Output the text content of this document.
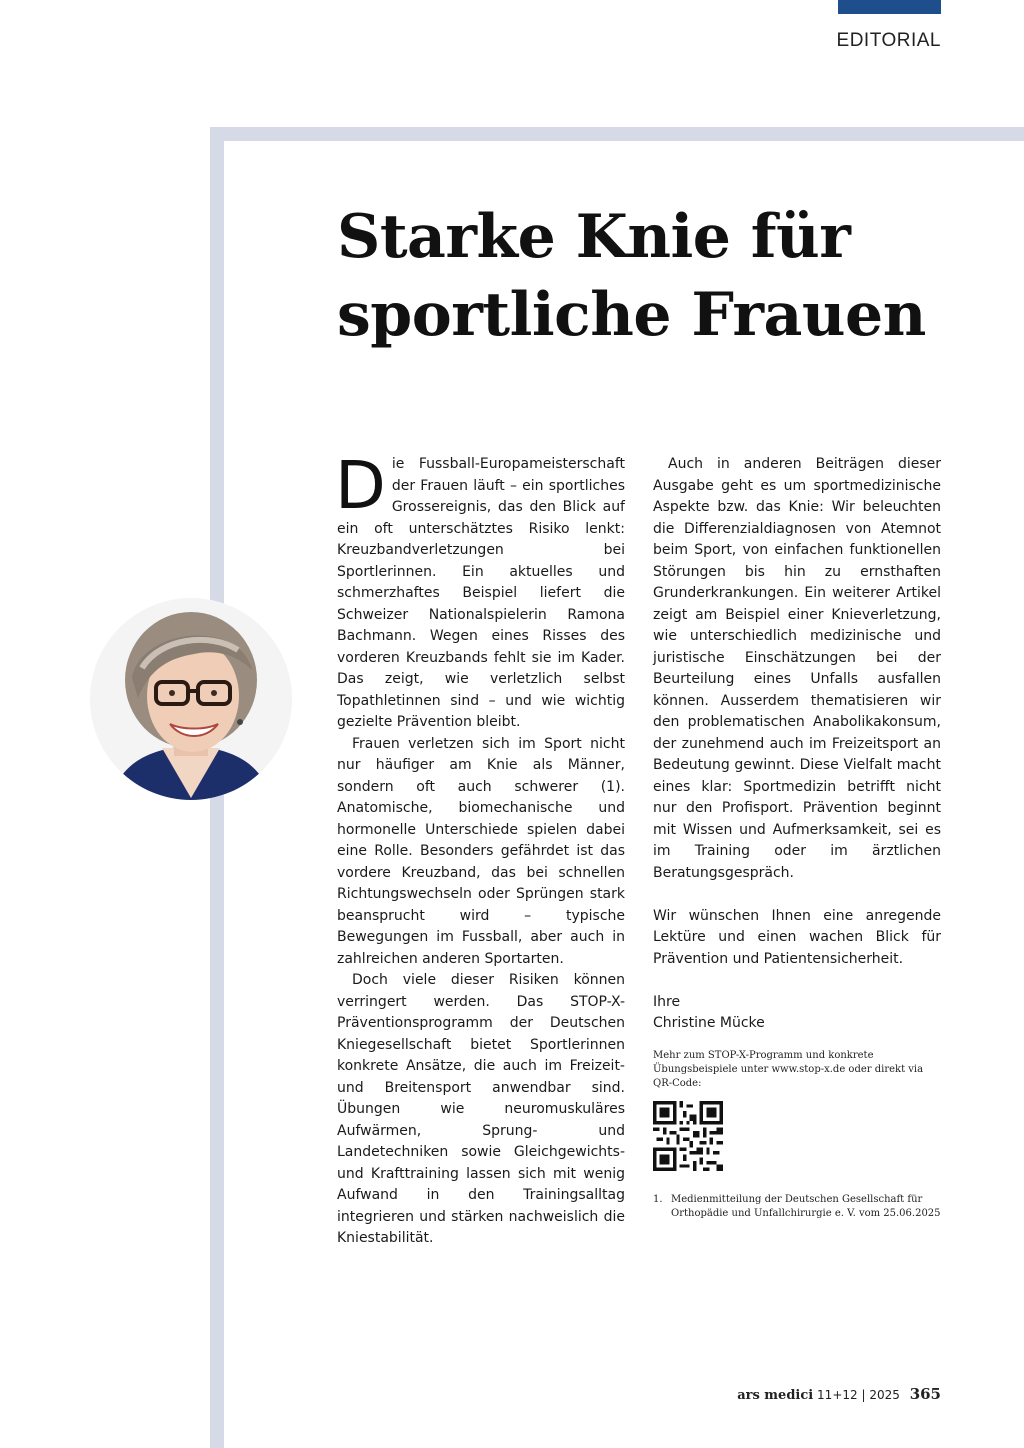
EDITORIAL
Starke Knie für
sportliche Frauen

Die Fussball-Europameisterschaft der Frauen läuft – ein sportliches Grossereignis, das den Blick auf ein oft unterschätztes Risiko lenkt: Kreuzbandverletzungen bei Sportlerinnen. Ein aktuelles und schmerzhaftes Beispiel liefert die Schweizer Nationalspielerin Ramona Bachmann. Wegen eines Risses des vorderen Kreuzbands fehlt sie im Kader. Das zeigt, wie verletzlich selbst Topathletinnen sind – und wie wichtig gezielte Prävention bleibt.

Frauen verletzen sich im Sport nicht nur häufiger am Knie als Männer, sondern oft auch schwerer (1). Anatomische, biomechanische und hormonelle Unterschiede spielen dabei eine Rolle. Besonders gefährdet ist das vordere Kreuzband, das bei schnellen Richtungswechseln oder Sprüngen stark beansprucht wird – typische Bewegungen im Fussball, aber auch in zahlreichen anderen Sportarten.

Doch viele dieser Risiken können verringert werden. Das STOP-X-Präventionsprogramm der Deutschen Kniegesellschaft bietet Sportlerinnen konkrete Ansätze, die auch im Freizeit- und Breitensport anwendbar sind. Übungen wie neuromuskuläres Aufwärmen, Sprung- und Landetechniken sowie Gleichgewichts- und Krafttraining lassen sich mit wenig Aufwand in den Trainingsalltag integrieren und stärken nachweislich die Kniestabilität.

Auch in anderen Beiträgen dieser Ausgabe geht es um sportmedizinische Aspekte bzw. das Knie: Wir beleuchten die Differenzialdiagnosen von Atemnot beim Sport, von einfachen funktionellen Störungen bis hin zu ernsthaften Grunderkrankungen. Ein weiterer Artikel zeigt am Beispiel einer Knieverletzung, wie unterschiedlich medizinische und juristische Einschätzungen bei der Beurteilung eines Unfalls ausfallen können. Ausserdem thematisieren wir den problematischen Anabolikakonsum, der zunehmend auch im Freizeitsport an Bedeutung gewinnt. Diese Vielfalt macht eines klar: Sportmedizin betrifft nicht nur den Profisport. Prävention beginnt mit Wissen und Aufmerksamkeit, sei es im Training oder im ärztlichen Beratungsgespräch.

Wir wünschen Ihnen eine anregende Lektüre und einen wachen Blick für Prävention und Patientensicherheit.

Ihre

Christine Mücke

Mehr zum STOP-X-Programm und konkrete Übungsbeispiele unter www.stop-x.de oder direkt via QR-Code:
1. Medienmitteilung der Deutschen Gesellschaft für Orthopädie und Unfallchirurgie e. V. vom 25.06.2025
ars medici 11+12 | 2025 365
